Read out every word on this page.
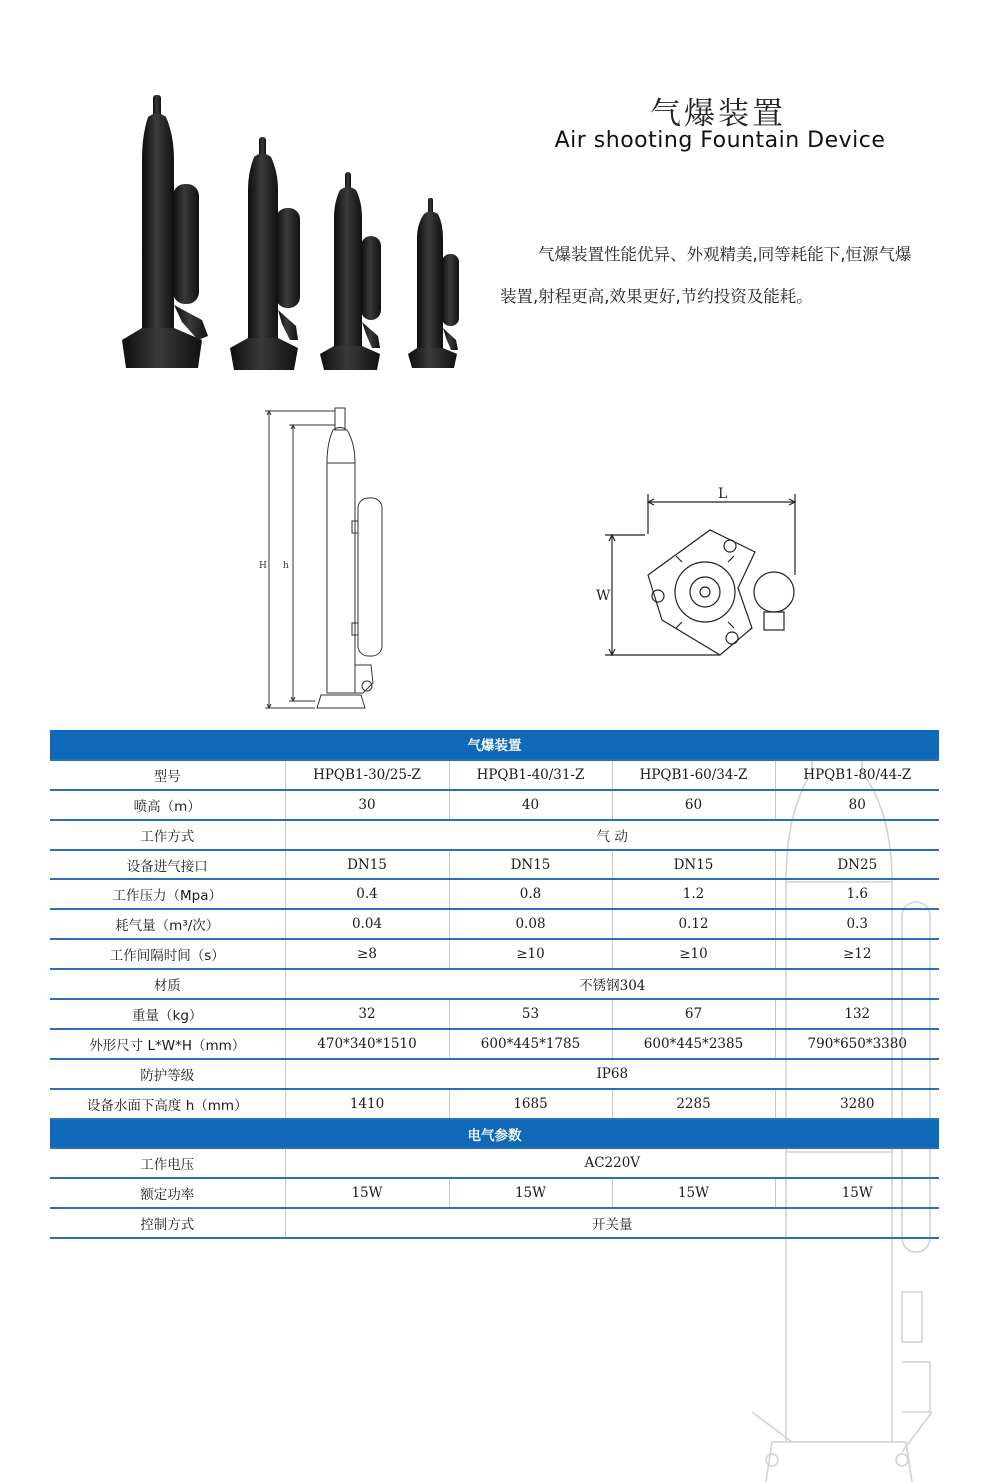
气爆装置
Air shooting Fountain Device

气爆装置性能优异、外观精美,同等耗能下,恒源气爆装置,射程更高,效果更好,节约投资及能耗。

H h
L
W
气爆装置				
型号	HPQB1-30/25-Z	HPQB1-40/31-Z	HPQB1-60/34-Z	HPQB1-80/44-Z
喷高（m）	30	40	60	80
工作方式	气 动			
设备进气接口	DN15	DN15	DN15	DN25
工作压力（Mpa）	0.4	0.8	1.2	1.6
耗气量（m³/次）	0.04	0.08	0.12	0.3
工作间隔时间（s）	≥8	≥10	≥10	≥12
材质	不锈钢304			
重量（kg）	32	53	67	132
外形尺寸 L*W*H（mm）	470*340*1510	600*445*1785	600*445*2385	790*650*3380
防护等级	IP68			
设备水面下高度 h（mm）	1410	1685	2285	3280
电气参数				
工作电压	AC220V			
额定功率	15W	15W	15W	15W
控制方式	开关量			
